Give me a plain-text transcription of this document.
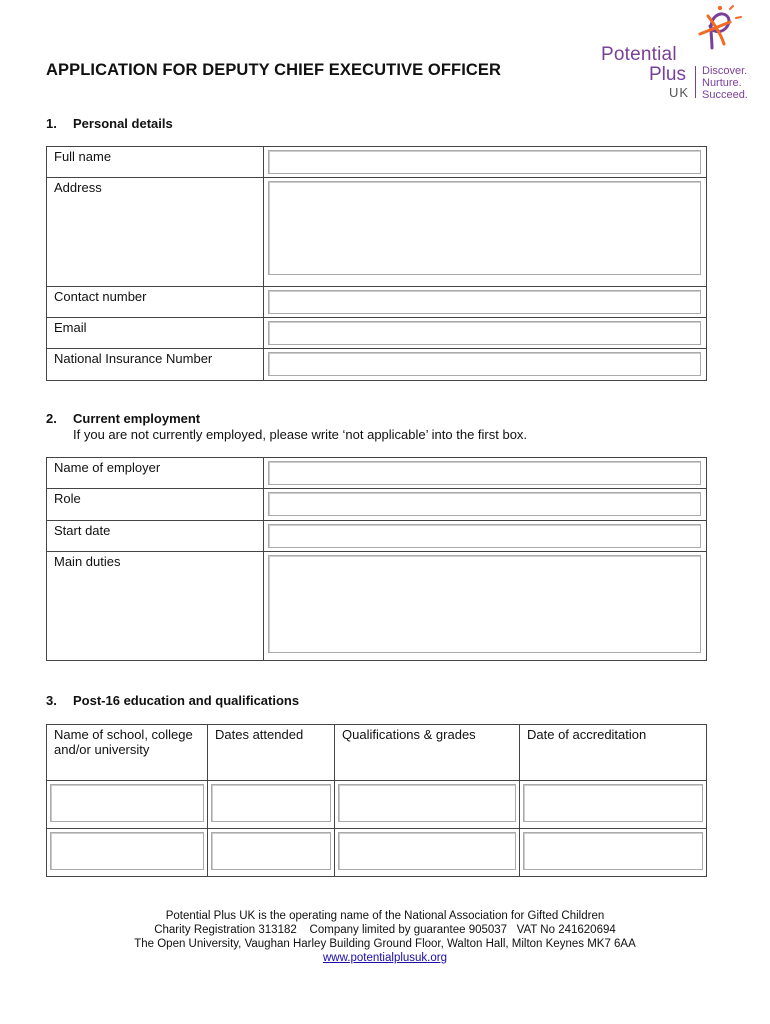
APPLICATION FOR DEPUTY CHIEF EXECUTIVE OFFICER
Potential
Plus
UK
Discover.
Nurture.
Succeed.
1. Personal details
Full name	

Address	

Contact number	

Email	

National Insurance Number	
2. Current employment
If you are not currently employed, please write ‘not applicable’ into the first box.
Name of employer	

Role	

Start date	

Main duties	
3. Post-16 education and qualifications
Name of school, college and/or university	Dates attended	Qualifications & grades	Date of accreditation

Potential Plus UK is the operating name of the National Association for Gifted Children
Charity Registration 313182    Company limited by guarantee 905037   VAT No 241620694
The Open University, Vaughan Harley Building Ground Floor, Walton Hall, Milton Keynes MK7 6AA
www.potentialplusuk.org
